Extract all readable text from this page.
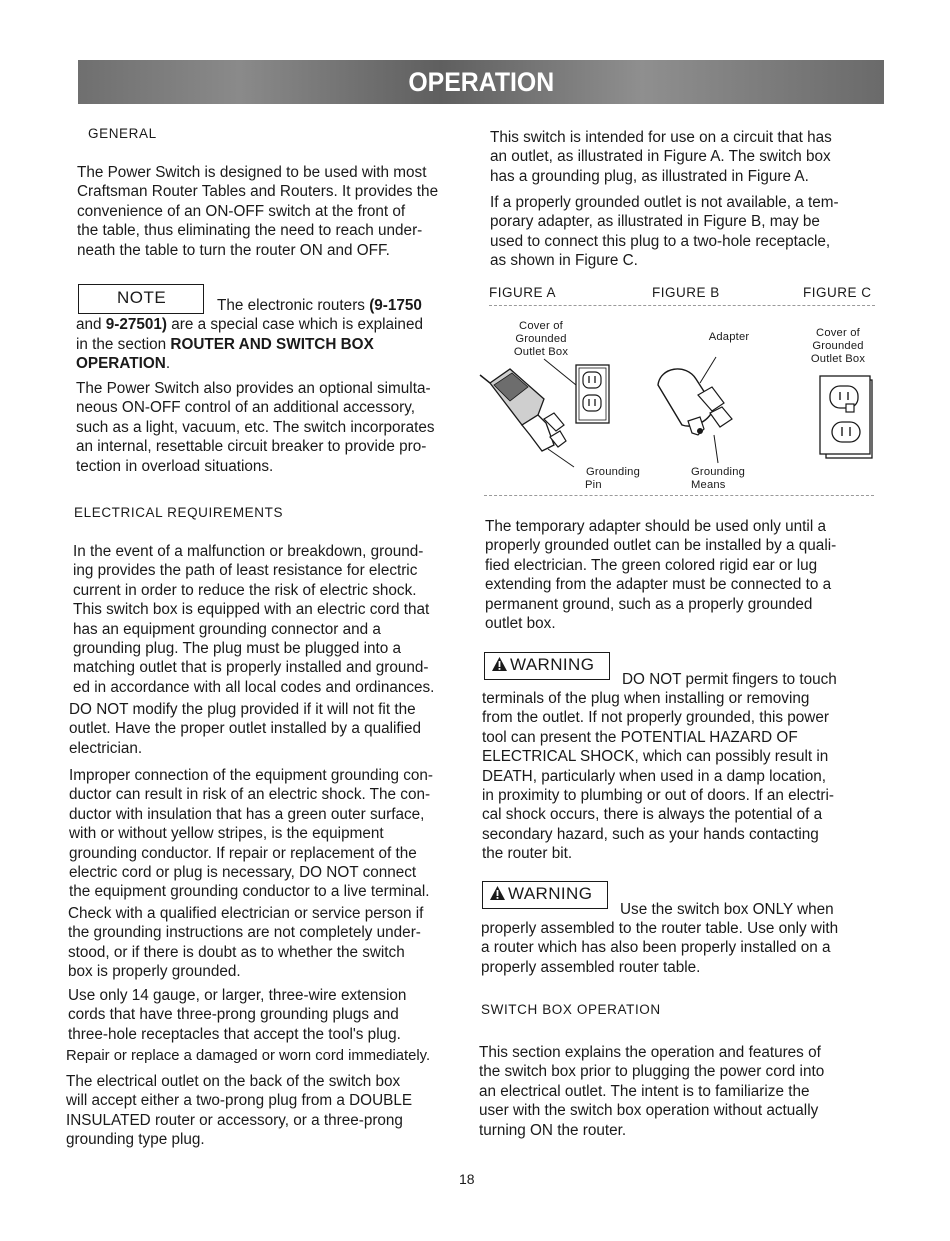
OPERATION
GENERAL
The Power Switch is designed to be used with most
Craftsman Router Tables and Routers. It provides the
convenience of an ON-OFF switch at the front of
the table, thus eliminating the need to reach under-
neath the table to turn the router ON and OFF.
NOTE	The electronic routers (9-1750
and 9-27501) are a special case which is explained
in the section ROUTER AND SWITCH BOX
OPERATION.
The Power Switch also provides an optional simulta-
neous ON-OFF control of an additional accessory,
such as a light, vacuum, etc. The switch incorporates
an internal, resettable circuit breaker to provide pro-
tection in overload situations.
ELECTRICAL REQUIREMENTS
In the event of a malfunction or breakdown, ground-
ing provides the path of least resistance for electric
current in order to reduce the risk of electric shock.
This switch box is equipped with an electric cord that
has an equipment grounding connector and a
grounding plug. The plug must be plugged into a
matching outlet that is properly installed and ground-
ed in accordance with all local codes and ordinances.
DO NOT modify the plug provided if it will not fit the
outlet. Have the proper outlet installed by a qualified
electrician.
Improper connection of the equipment grounding con-
ductor can result in risk of an electric shock. The con-
ductor with insulation that has a green outer surface,
with or without yellow stripes, is the equipment
grounding conductor. If repair or replacement of the
electric cord or plug is necessary, DO NOT connect
the equipment grounding conductor to a live terminal.
Check with a qualified electrician or service person if
the grounding instructions are not completely under-
stood, or if there is doubt as to whether the switch
box is properly grounded.
Use only 14 gauge, or larger, three-wire extension
cords that have three-prong grounding plugs and
three-hole receptacles that accept the tool's plug.
Repair or replace a damaged or worn cord immediately.
The electrical outlet on the back of the switch box
will accept either a two-prong plug from a DOUBLE
INSULATED router or accessory, or a three-prong
grounding type plug.
This switch is intended for use on a circuit that has
an outlet, as illustrated in Figure A. The switch box
has a grounding plug, as illustrated in Figure A.
If a properly grounded outlet is not available, a tem-
porary adapter, as illustrated in Figure B, may be
used to connect this plug to a two-hole receptacle,
as shown in Figure C.
FIGURE A	FIGURE B	FIGURE C
Cover of
Grounded
Outlet Box
Adapter	Cover of
Grounded
Outlet Box
Grounding
Pin
Grounding
Means
The temporary adapter should be used only until a
properly grounded outlet can be installed by a quali-
fied electrician. The green colored rigid ear or lug
extending from the adapter must be connected to a
permanent ground, such as a properly grounded
outlet box.
WARNING
DO NOT permit fingers to touch
terminals of the plug when installing or removing
from the outlet. If not properly grounded, this power
tool can present the POTENTIAL HAZARD OF
ELECTRICAL SHOCK, which can possibly result in
DEATH, particularly when used in a damp location,
in proximity to plumbing or out of doors. If an electri-
cal shock occurs, there is always the potential of a
secondary hazard, such as your hands contacting
the router bit.
WARNING
Use the switch box ONLY when
properly assembled to the router table. Use only with
a router which has also been properly installed on a
properly assembled router table.
SWITCH BOX OPERATION
This section explains the operation and features of
the switch box prior to plugging the power cord into
an electrical outlet. The intent is to familiarize the
user with the switch box operation without actually
turning ON the router.
18
